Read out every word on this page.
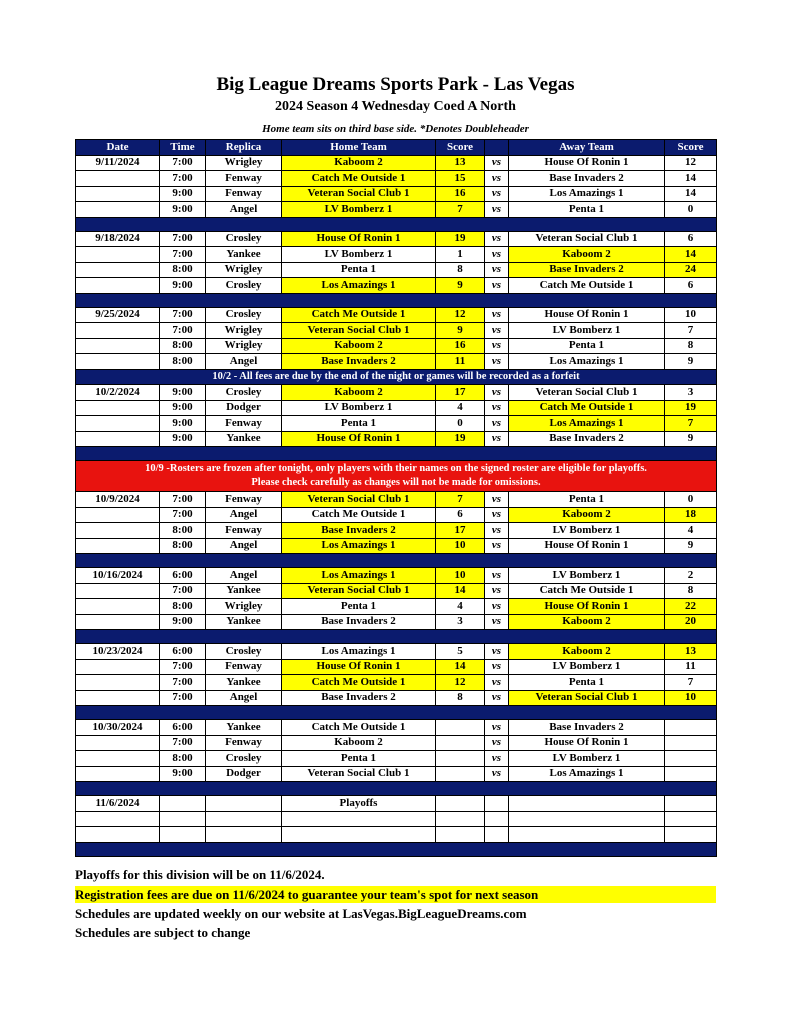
Big League Dreams Sports Park - Las Vegas
2024 Season 4 Wednesday Coed A North
Home team sits on third base side. *Denotes Doubleheader
Date	Time	Replica	Home Team	Score		Away Team	Score
9/11/2024	7:00	Wrigley	Kaboom 2	13	vs	House Of Ronin 1	12
	7:00	Fenway	Catch Me Outside 1	15	vs	Base Invaders 2	14
	9:00	Fenway	Veteran Social Club 1	16	vs	Los Amazings 1	14
	9:00	Angel	LV Bomberz 1	7	vs	Penta 1	0

9/18/2024	7:00	Crosley	House Of Ronin 1	19	vs	Veteran Social Club 1	6
	7:00	Yankee	LV Bomberz 1	1	vs	Kaboom 2	14
	8:00	Wrigley	Penta 1	8	vs	Base Invaders 2	24
	9:00	Crosley	Los Amazings 1	9	vs	Catch Me Outside 1	6

9/25/2024	7:00	Crosley	Catch Me Outside 1	12	vs	House Of Ronin 1	10
	7:00	Wrigley	Veteran Social Club 1	9	vs	LV Bomberz 1	7
	8:00	Wrigley	Kaboom 2	16	vs	Penta 1	8
	8:00	Angel	Base Invaders 2	11	vs	Los Amazings 1	9
10/2 - All fees are due by the end of the night or games will be recorded as a forfeit							
10/2/2024	9:00	Crosley	Kaboom 2	17	vs	Veteran Social Club 1	3
	9:00	Dodger	LV Bomberz 1	4	vs	Catch Me Outside 1	19
	9:00	Fenway	Penta 1	0	vs	Los Amazings 1	7
	9:00	Yankee	House Of Ronin 1	19	vs	Base Invaders 2	9

10/9 -Rosters are frozen after tonight, only players with their names on the signed roster are eligible for playoffs.
Please check carefully as changes will not be made for omissions.							

10/9/2024	7:00	Fenway	Veteran Social Club 1	7	vs	Penta 1	0
	7:00	Angel	Catch Me Outside 1	6	vs	Kaboom 2	18
	8:00	Fenway	Base Invaders 2	17	vs	LV Bomberz 1	4
	8:00	Angel	Los Amazings 1	10	vs	House Of Ronin 1	9

10/16/2024	6:00	Angel	Los Amazings 1	10	vs	LV Bomberz 1	2
	7:00	Yankee	Veteran Social Club 1	14	vs	Catch Me Outside 1	8
	8:00	Wrigley	Penta 1	4	vs	House Of Ronin 1	22
	9:00	Yankee	Base Invaders 2	3	vs	Kaboom 2	20

10/23/2024	6:00	Crosley	Los Amazings 1	5	vs	Kaboom 2	13
	7:00	Fenway	House Of Ronin 1	14	vs	LV Bomberz 1	11
	7:00	Yankee	Catch Me Outside 1	12	vs	Penta 1	7
	7:00	Angel	Base Invaders 2	8	vs	Veteran Social Club 1	10

10/30/2024	6:00	Yankee	Catch Me Outside 1		vs	Base Invaders 2	
	7:00	Fenway	Kaboom 2		vs	House Of Ronin 1	
	8:00	Crosley	Penta 1		vs	LV Bomberz 1	
	9:00	Dodger	Veteran Social Club 1		vs	Los Amazings 1	

11/6/2024			Playoffs				

Playoffs for this division will be on 11/6/2024.
Registration fees are due on 11/6/2024 to guarantee your team's spot for next season
Schedules are updated weekly on our website at LasVegas.BigLeagueDreams.com
Schedules are subject to change
